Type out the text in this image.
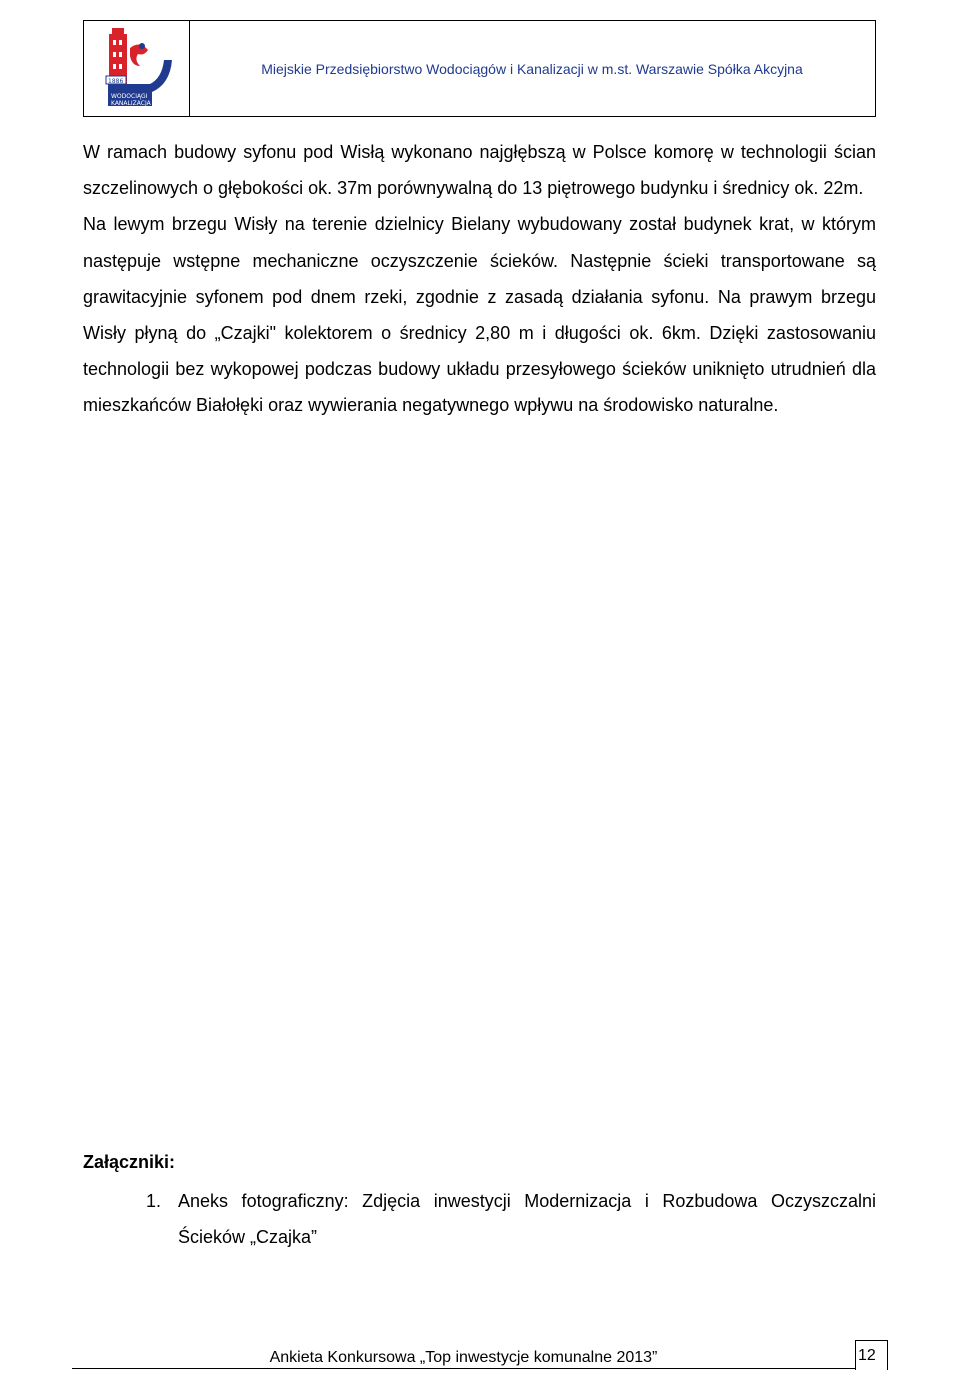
1886
WODOCIĄGI
KANALIZACJA
Miejskie Przedsiębiorstwo Wodociągów i Kanalizacji w m.st. Warszawie Spółka Akcyjna

W ramach budowy syfonu pod Wisłą wykonano najgłębszą w Polsce komorę w technologii ścian szczelinowych o głębokości ok. 37m porównywalną do 13 piętrowego budynku i średnicy ok. 22m.

Na lewym brzegu Wisły na terenie dzielnicy Bielany wybudowany został budynek krat, w którym następuje wstępne mechaniczne oczyszczenie ścieków. Następnie ścieki transportowane są grawitacyjnie syfonem pod dnem rzeki, zgodnie z zasadą działania syfonu. Na prawym brzegu Wisły płyną do „Czajki" kolektorem o średnicy 2,80 m i długości ok. 6km. Dzięki zastosowaniu technologii bez wykopowej podczas budowy układu przesyłowego ścieków uniknięto utrudnień dla mieszkańców Białołęki oraz wywierania negatywnego wpływu na środowisko naturalne.

Załączniki:
1. Aneks fotograficzny: Zdjęcia inwestycji Modernizacja i Rozbudowa Oczyszczalni Ścieków „Czajka”
Ankieta Konkursowa „Top inwestycje komunalne 2013”	12
